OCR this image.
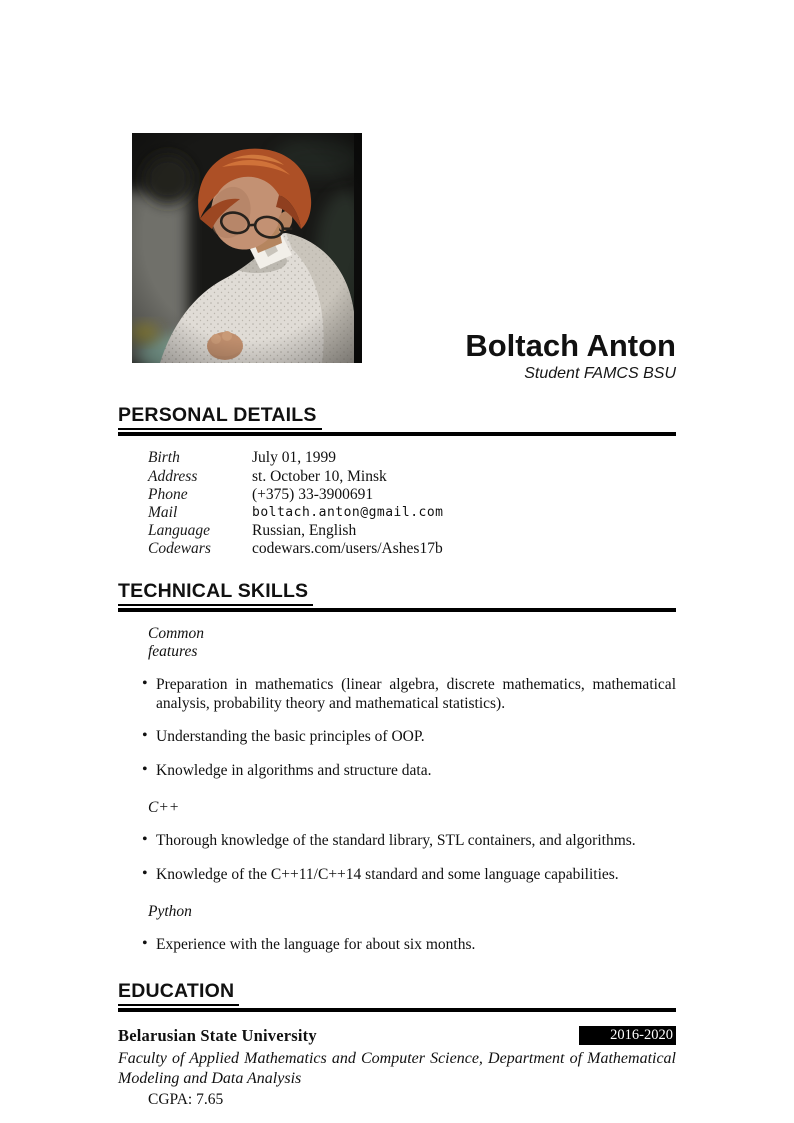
Boltach Anton
Student FAMCS BSU
PERSONAL DETAILS
Birth	July 01, 1999
Address	st. October 10, Minsk
Phone	(+375) 33-3900691
Mail	boltach.anton@gmail.com
Language	Russian, English
Codewars	codewars.com/users/Ashes17b
TECHNICAL SKILLS
Common features
• Preparation in mathematics (linear algebra, discrete mathematics, mathematical analysis, probability theory and mathematical statistics).
• Understanding the basic principles of OOP.
• Knowledge in algorithms and structure data.
C++
• Thorough knowledge of the standard library, STL containers, and algorithms.
• Knowledge of the C++11/C++14 standard and some language capabilities.
Python
• Experience with the language for about six months.
EDUCATION
Belarusian State University	2016-2020

Faculty of Applied Mathematics and Computer Science, Department of Mathematical Modeling and Data Analysis

CGPA: 7.65
